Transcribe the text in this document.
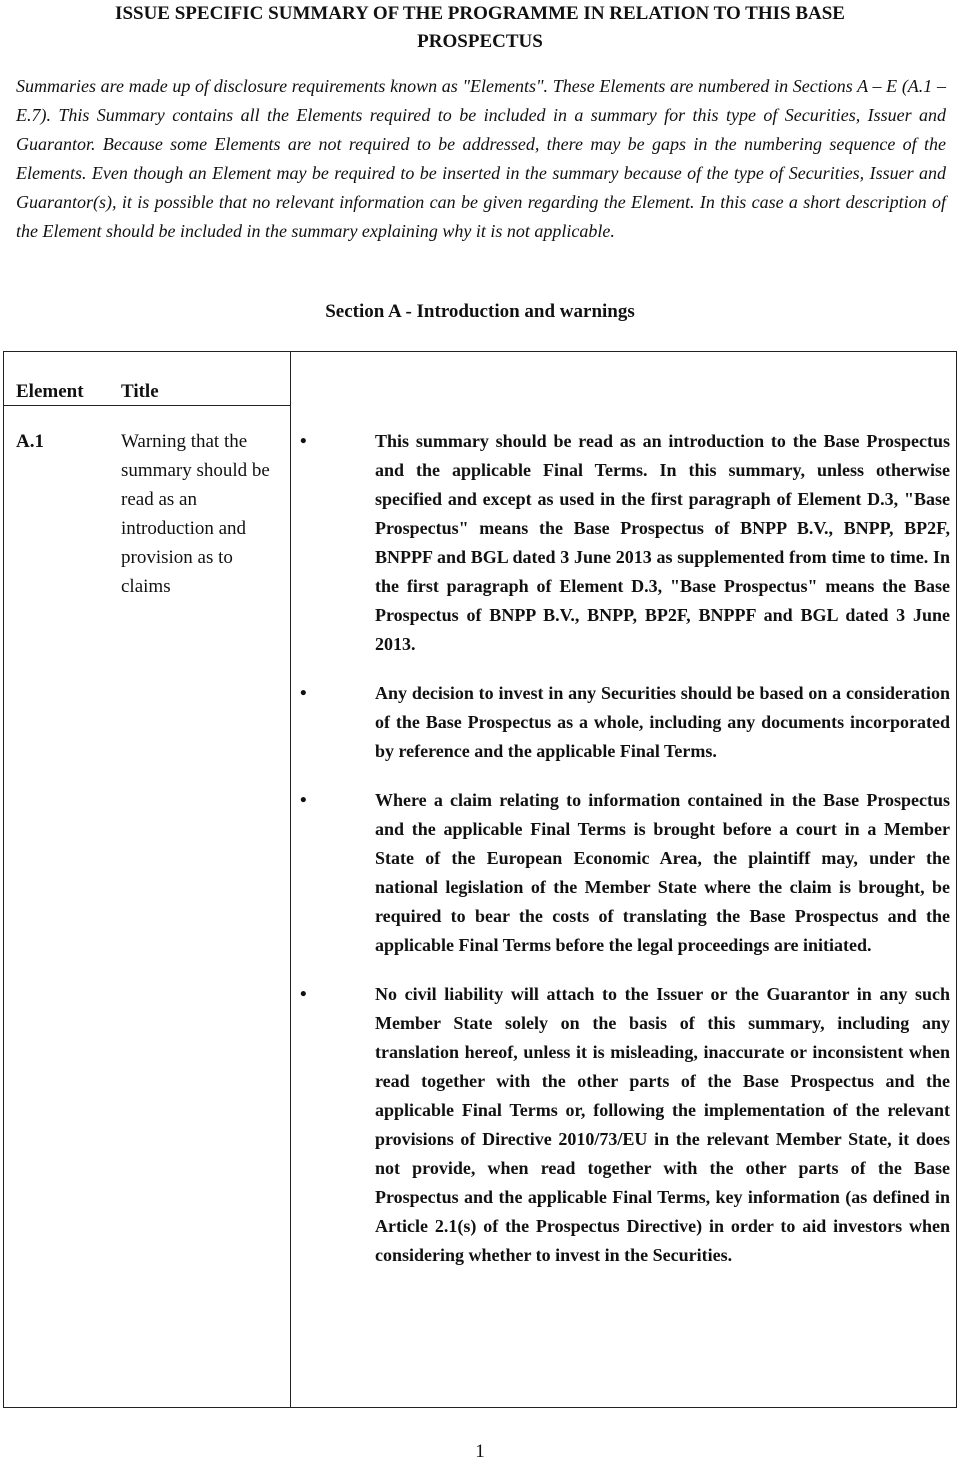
ISSUE SPECIFIC SUMMARY OF THE PROGRAMME IN RELATION TO THIS BASE
PROSPECTUS

Summaries are made up of disclosure requirements known as "Elements". These Elements are numbered in Sections A – E (A.1 – E.7). This Summary contains all the Elements required to be included in a summary for this type of Securities, Issuer and Guarantor. Because some Elements are not required to be addressed, there may be gaps in the numbering sequence of the Elements. Even though an Element may be required to be inserted in the summary because of the type of Securities, Issuer and Guarantor(s), it is possible that no relevant information can be given regarding the Element. In this case a short description of the Element should be included in the summary explaining why it is not applicable.

Section A - Introduction and warnings
Element Title
A.1	Warning that the summary should be read as an introduction and provision as to claims
•	This summary should be read as an introduction to the Base Prospectus and the applicable Final Terms. In this summary, unless otherwise specified and except as used in the first paragraph of Element D.3, "Base Prospectus" means the Base Prospectus of BNPP B.V., BNPP, BP2F, BNPPF and BGL dated 3 June 2013 as supplemented from time to time. In the first paragraph of Element D.3, "Base Prospectus" means the Base Prospectus of BNPP B.V., BNPP, BP2F, BNPPF and BGL dated 3 June 2013.
•	Any decision to invest in any Securities should be based on a consideration of the Base Prospectus as a whole, including any documents incorporated by reference and the applicable Final Terms.
•	Where a claim relating to information contained in the Base Prospectus and the applicable Final Terms is brought before a court in a Member State of the European Economic Area, the plaintiff may, under the national legislation of the Member State where the claim is brought, be required to bear the costs of translating the Base Prospectus and the applicable Final Terms before the legal proceedings are initiated.
•	No civil liability will attach to the Issuer or the Guarantor in any such Member State solely on the basis of this summary, including any translation hereof, unless it is misleading, inaccurate or inconsistent when read together with the other parts of the Base Prospectus and the applicable Final Terms or, following the implementation of the relevant provisions of Directive 2010/73/EU in the relevant Member State, it does not provide, when read together with the other parts of the Base Prospectus and the applicable Final Terms, key information (as defined in Article 2.1(s) of the Prospectus Directive) in order to aid investors when considering whether to invest in the Securities.
1
